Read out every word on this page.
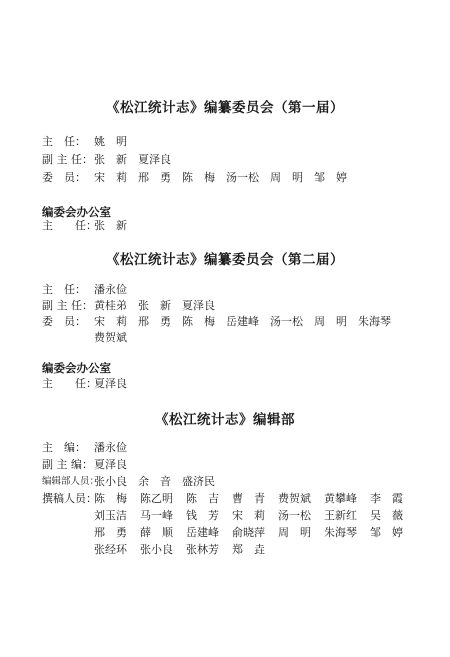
《松江统计志》编纂委员会（第一届）
主　任： 姚　明
副 主 任： 张　新　夏泽良
委　员： 宋　莉　邢　勇　陈　梅　汤一松　周　明　邹　婷
编委会办公室
主　　任：
张　新
《松江统计志》编纂委员会（第二届）
主　任： 潘永俭
副 主 任： 黄桂弟　张　新　夏泽良
委　员： 宋　莉　邢　勇　陈　梅　岳建峰　汤一松　周　明　朱海琴
费贺斌
编委会办公室
主　　任：
夏泽良
《松江统计志》编辑部
主　编： 潘永俭
副 主 编： 夏泽良
编辑部人员：
张小良　余　音　盛济民
撰稿人员：
陈　梅 陈乙明 陈　吉 曹　青 费贺斌 黄攀峰 李　霞
刘玉洁 马一峰 钱　芳 宋　莉 汤一松 王新红 吴　薇
邢　勇 薛　顺 岳建峰 俞晓萍 周　明 朱海琴 邹　婷
张经环 张小良 张林芳 郑　垚
